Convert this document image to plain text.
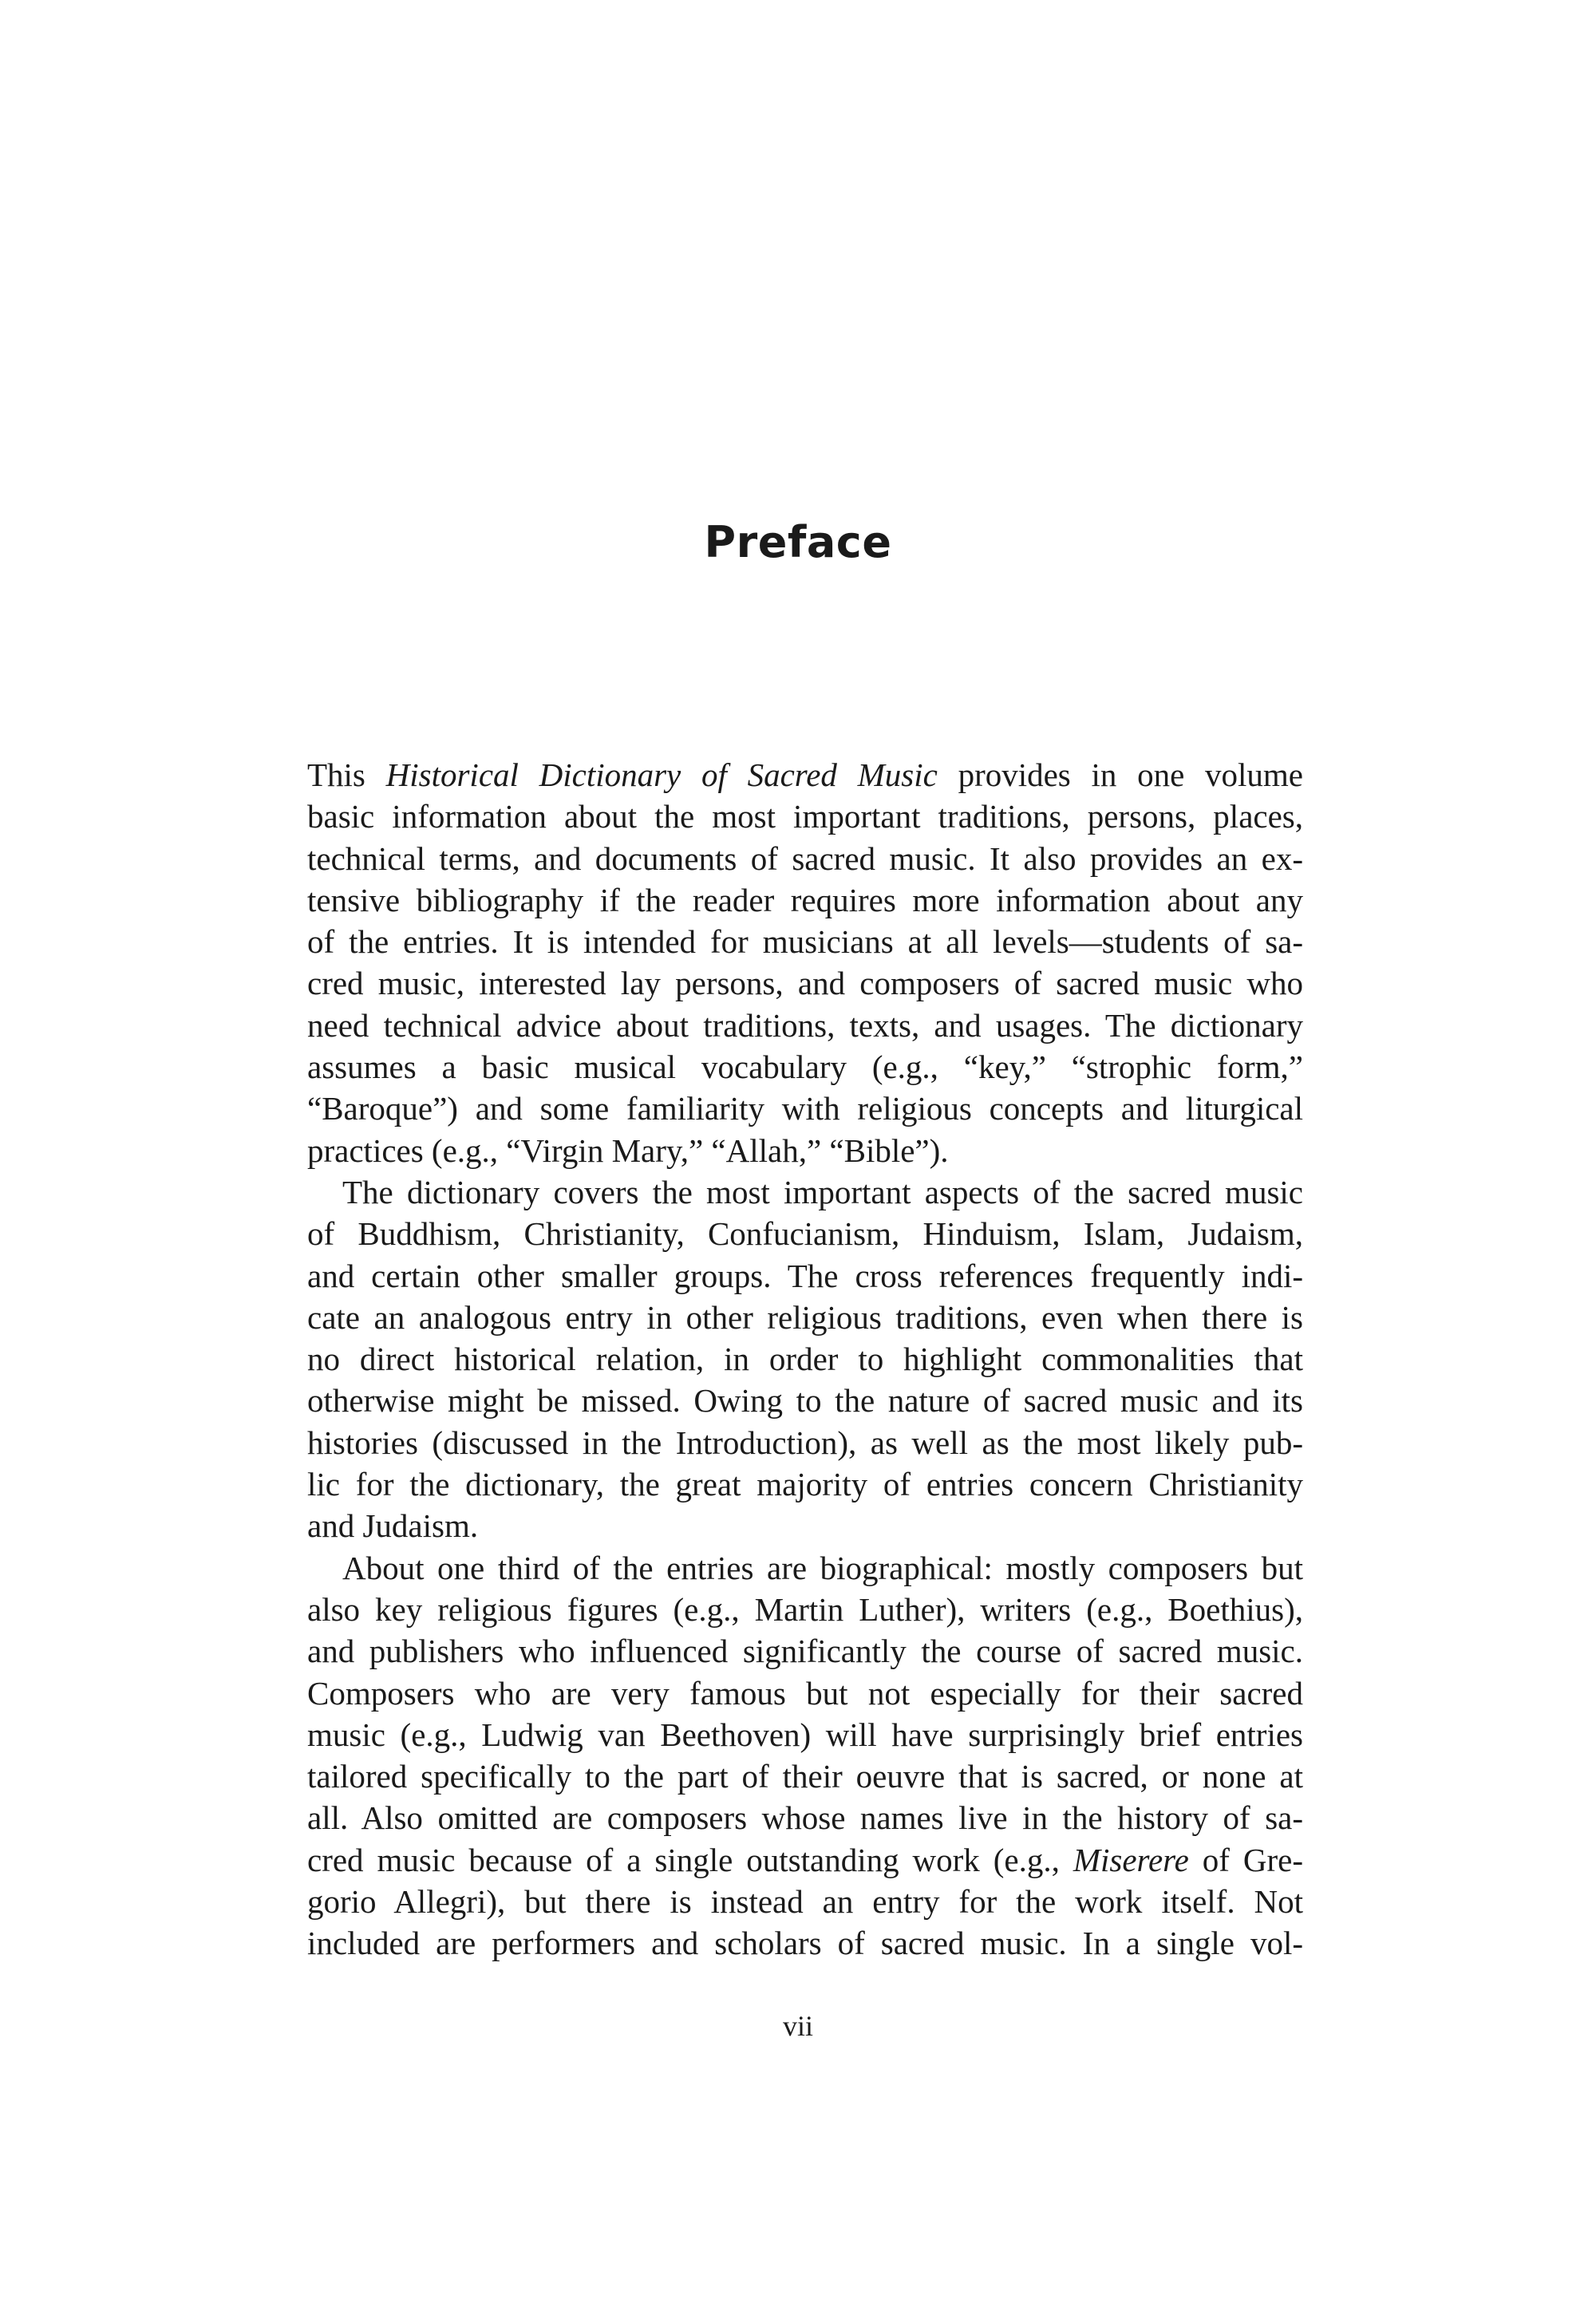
Preface

This Historical Dictionary of Sacred Music provides in one volume
basic information about the most important traditions, persons, places,
technical terms, and documents of sacred music. It also provides an ex-
tensive bibliography if the reader requires more information about any
of the entries. It is intended for musicians at all levels—students of sa-
cred music, interested lay persons, and composers of sacred music who
need technical advice about traditions, texts, and usages. The dictionary
assumes a basic musical vocabulary (e.g., “key,” “strophic form,”
“Baroque”) and some familiarity with religious concepts and liturgical
practices (e.g., “Virgin Mary,” “Allah,” “Bible”).

The dictionary covers the most important aspects of the sacred music
of Buddhism, Christianity, Confucianism, Hinduism, Islam, Judaism,
and certain other smaller groups. The cross references frequently indi-
cate an analogous entry in other religious traditions, even when there is
no direct historical relation, in order to highlight commonalities that
otherwise might be missed. Owing to the nature of sacred music and its
histories (discussed in the Introduction), as well as the most likely pub-
lic for the dictionary, the great majority of entries concern Christianity
and Judaism.

About one third of the entries are biographical: mostly composers but
also key religious figures (e.g., Martin Luther), writers (e.g., Boethius),
and publishers who influenced significantly the course of sacred music.
Composers who are very famous but not especially for their sacred
music (e.g., Ludwig van Beethoven) will have surprisingly brief entries
tailored specifically to the part of their oeuvre that is sacred, or none at
all. Also omitted are composers whose names live in the history of sa-
cred music because of a single outstanding work (e.g., Miserere of Gre-
gorio Allegri), but there is instead an entry for the work itself. Not
included are performers and scholars of sacred music. In a single vol-

vii
